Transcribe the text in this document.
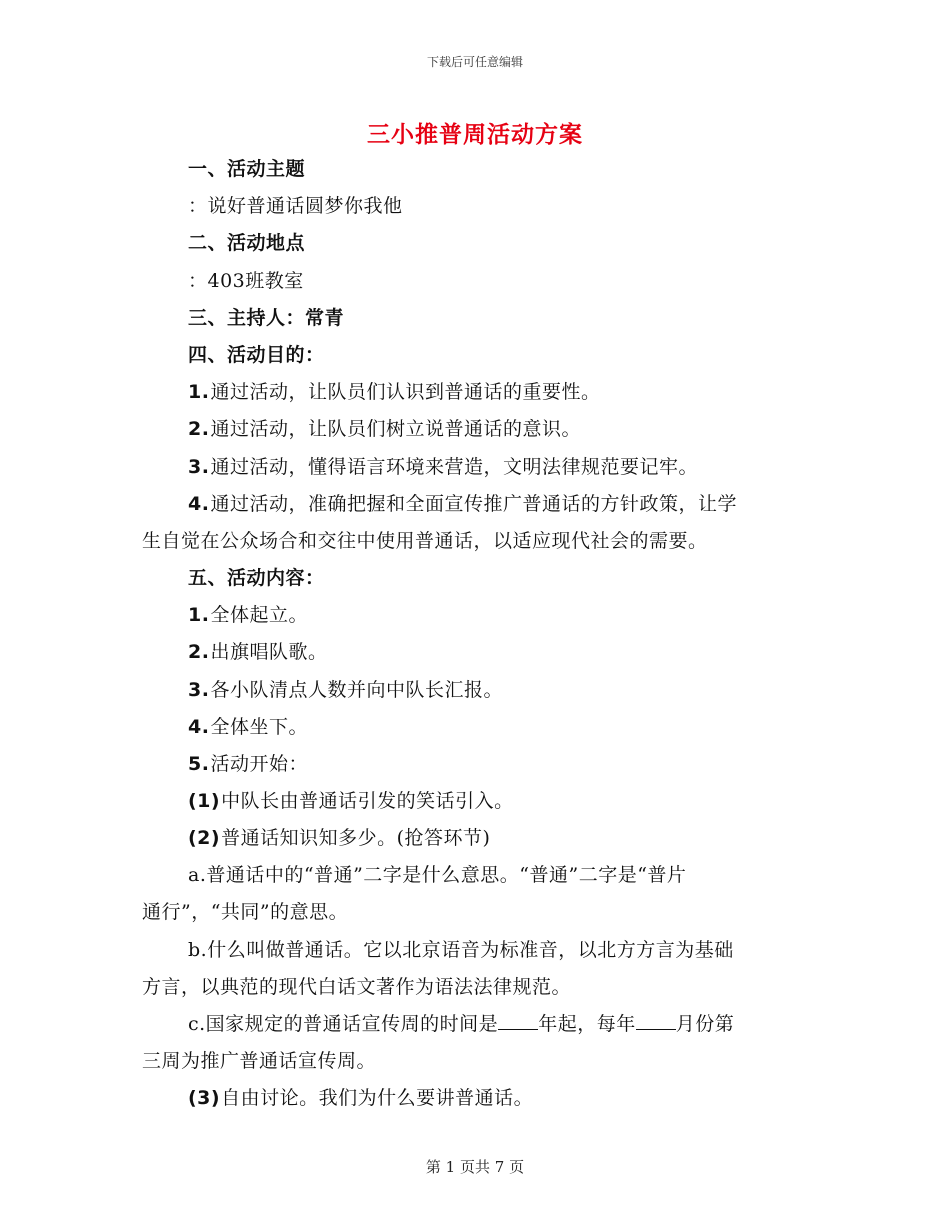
下载后可任意编辑
三小推普周活动方案
一、活动主题
：说好普通话圆梦你我他
二、活动地点
：403班教室
三、主持人：常青
四、活动目的：
1.通过活动，让队员们认识到普通话的重要性。
2.通过活动，让队员们树立说普通话的意识。
3.通过活动，懂得语言环境来营造，文明法律规范要记牢。
4.通过活动，准确把握和全面宣传推广普通话的方针政策，让学
生自觉在公众场合和交往中使用普通话，以适应现代社会的需要。
五、活动内容：
1.全体起立。
2.出旗唱队歌。
3.各小队清点人数并向中队长汇报。
4.全体坐下。
5.活动开始：
(1)中队长由普通话引发的笑话引入。
(2)普通话知识知多少。(抢答环节)
a.普通话中的“普通”二字是什么意思。“普通”二字是“普片
通行”，“共同”的意思。
b.什么叫做普通话。它以北京语音为标准音，以北方方言为基础
方言，以典范的现代白话文著作为语法法律规范。
c.国家规定的普通话宣传周的时间是 年起，每年 月份第
三周为推广普通话宣传周。
(3)自由讨论。我们为什么要讲普通话。
第 1 页共 7 页
